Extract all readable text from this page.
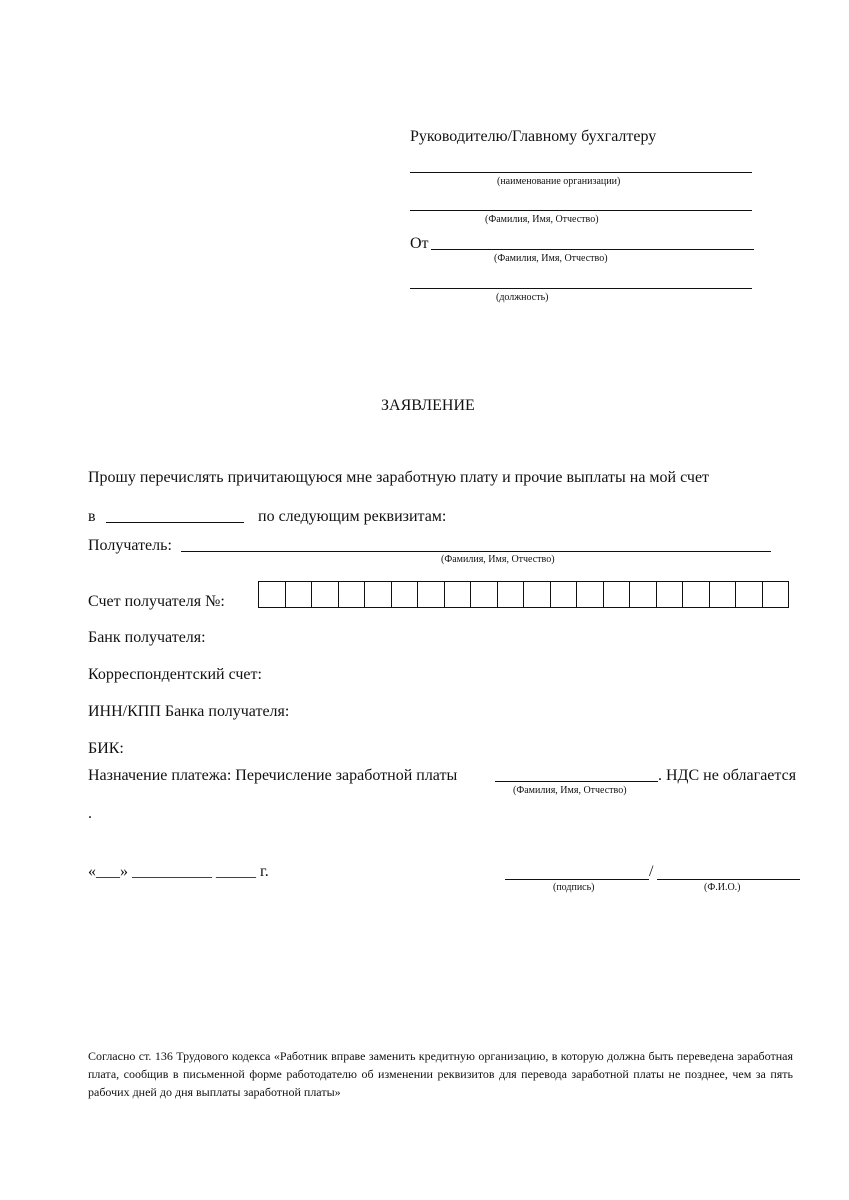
Руководителю/Главному бухгалтеру
(наименование организации)
(Фамилия, Имя, Отчество)
От
(Фамилия, Имя, Отчество)
(должность)
ЗАЯВЛЕНИЕ
Прошу перечислять причитающуюся мне заработную плату и прочие выплаты на мой счет
в	по следующим реквизитам:
Получатель:
(Фамилия, Имя, Отчество)
Счет получателя №:
Банк получателя:
Корреспондентский счет:
ИНН/КПП Банка получателя:
БИК:
Назначение платежа: Перечисление заработной платы	. НДС не облагается
(Фамилия, Имя, Отчество)
.
«___» __________ _____ г.	/
(подпись)	(Ф.И.О.)
Согласно ст. 136 Трудового кодекса «Работник вправе заменить кредитную организацию, в которую должна быть переведена заработная плата, сообщив в письменной форме работодателю об изменении реквизитов для перевода заработной платы не позднее, чем за пять рабочих дней до дня выплаты заработной платы»
